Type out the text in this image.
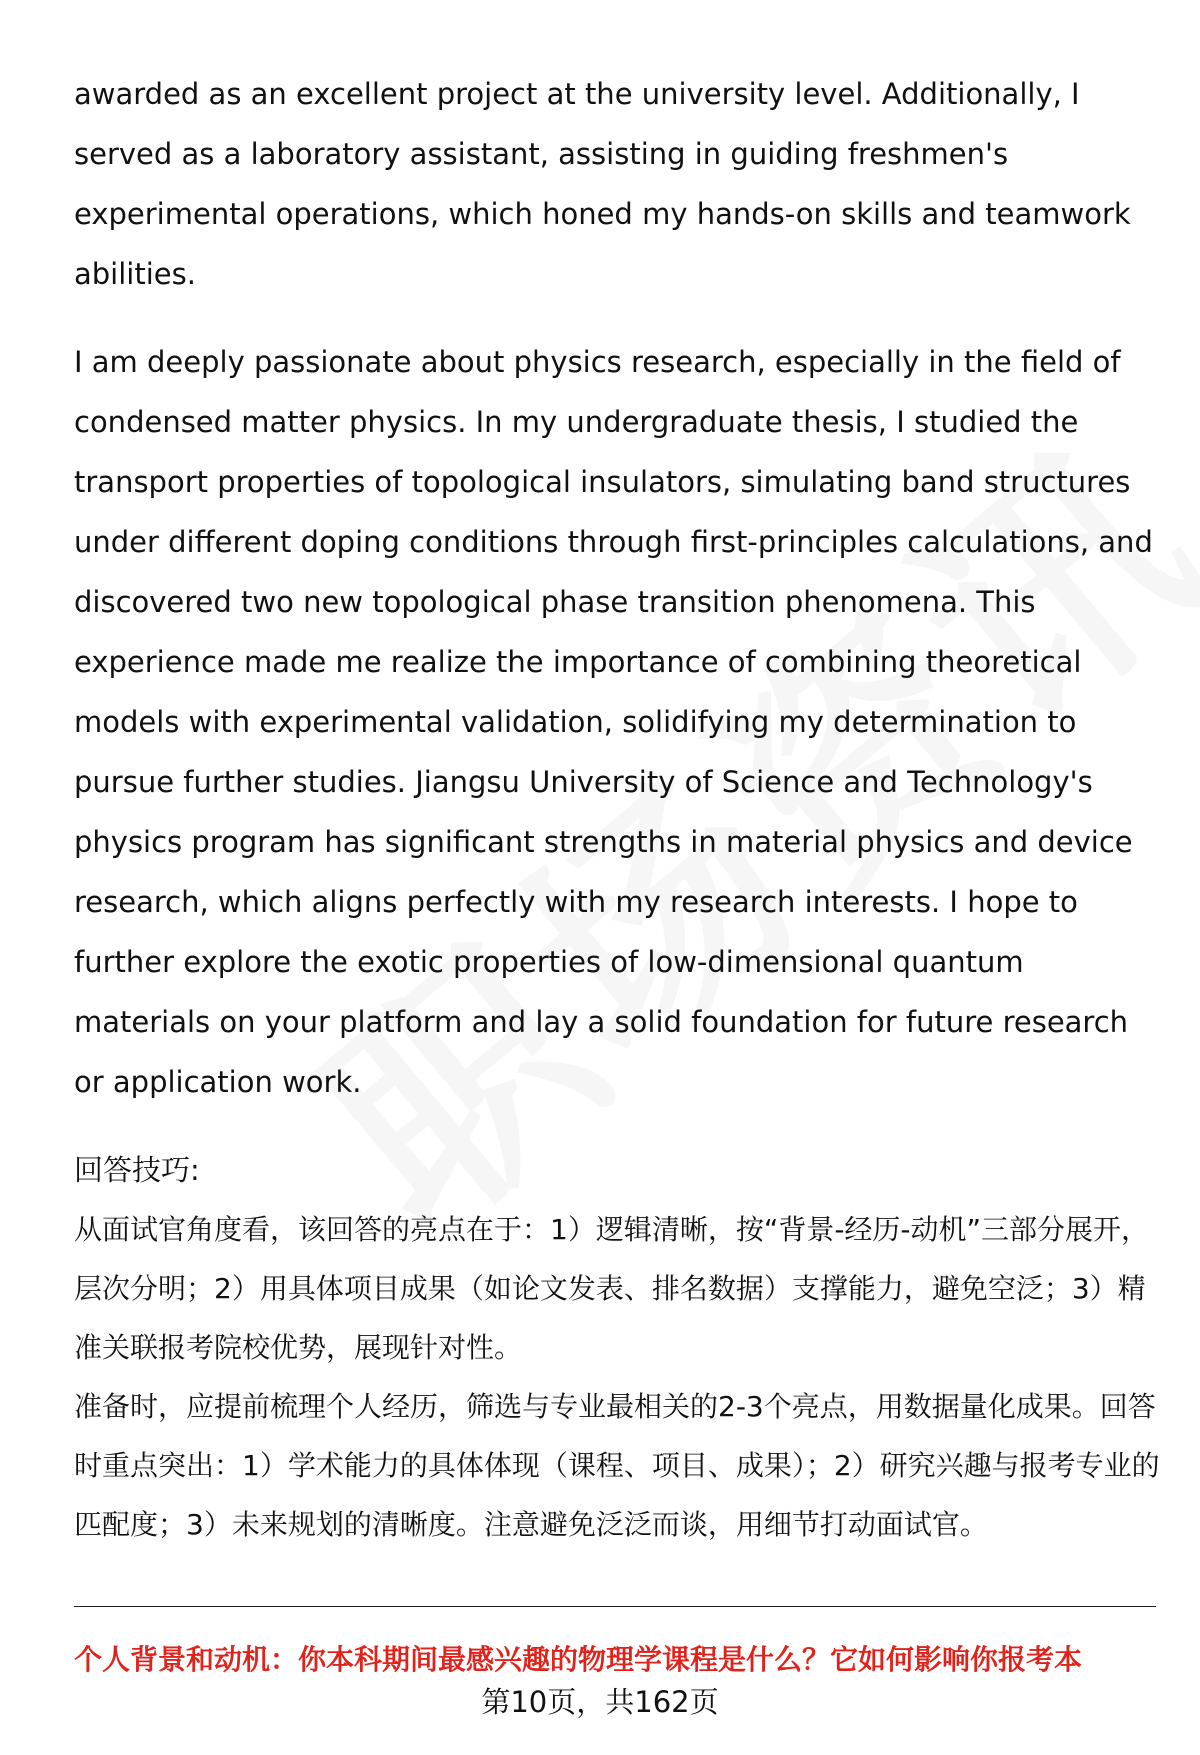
awarded as an excellent project at the university level. Additionally, I served as a laboratory assistant, assisting in guiding freshmen's experimental operations, which honed my hands-on skills and teamwork abilities.

I am deeply passionate about physics research, especially in the field of condensed matter physics. In my undergraduate thesis, I studied the transport properties of topological insulators, simulating band structures under different doping conditions through first-principles calculations, and discovered two new topological phase transition phenomena. This experience made me realize the importance of combining theoretical models with experimental validation, solidifying my determination to pursue further studies. Jiangsu University of Science and Technology's physics program has significant strengths in material physics and device research, which aligns perfectly with my research interests. I hope to further explore the exotic properties of low-dimensional quantum materials on your platform and lay a solid foundation for future research or application work.

回答技巧:

从面试官角度看，该回答的亮点在于：1）逻辑清晰，按“背景-经历-动机”三部分展开，层次分明；2）用具体项目成果（如论文发表、排名数据）支撑能力，避免空泛；3）精准关联报考院校优势，展现针对性。

准备时，应提前梳理个人经历，筛选与专业最相关的2-3个亮点，用数据量化成果。回答时重点突出：1）学术能力的具体体现（课程、项目、成果）；2）研究兴趣与报考专业的匹配度；3）未来规划的清晰度。注意避免泛泛而谈，用细节打动面试官。

个人背景和动机：你本科期间最感兴趣的物理学课程是什么？它如何影响你报考本
第10页，共162页
